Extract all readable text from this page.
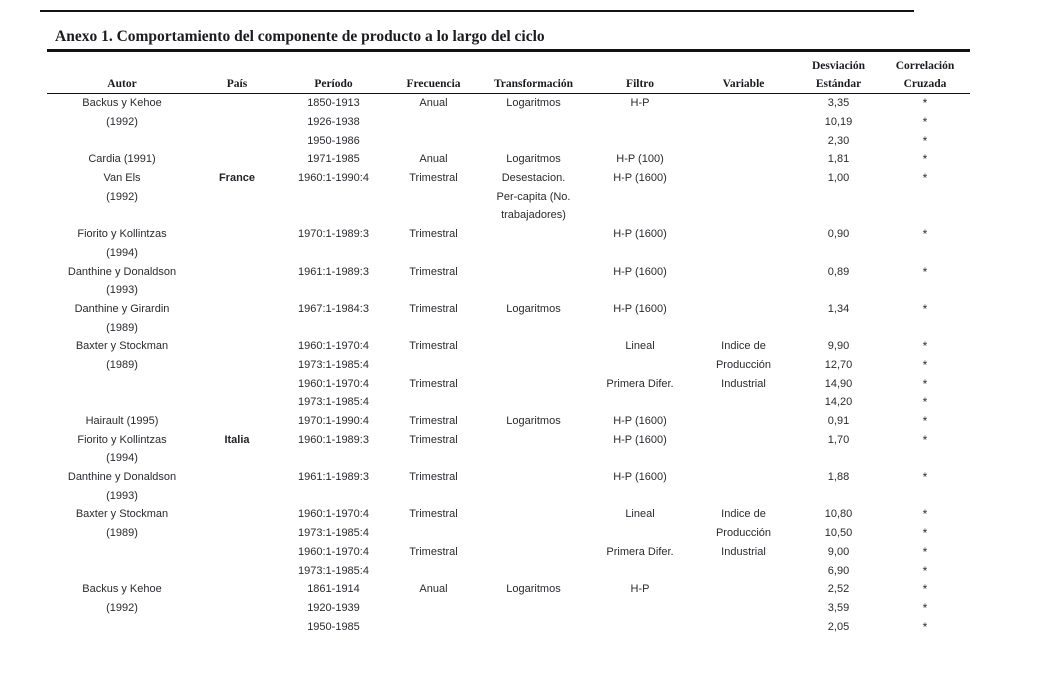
Anexo 1. Comportamiento del componente de producto a lo largo del ciclo
							Desviación	Correlación
Autor	País	Período	Frecuencia	Transformación	Filtro	Variable	Estándar	Cruzada
Backus y Kehoe		1850-1913	Anual	Logaritmos	H-P		3,35	*
(1992)		1926-1938					10,19	*
		1950-1986					2,30	*
Cardia (1991)		1971-1985	Anual	Logaritmos	H-P (100)		1,81	*
Van Els	France	1960:1-1990:4	Trimestral	Desestacion.	H-P (1600)		1,00	*
(1992)				Per-capita (No.				
				trabajadores)				
Fiorito y Kollintzas		1970:1-1989:3	Trimestral		H-P (1600)		0,90	*
(1994)								
Danthine y Donaldson		1961:1-1989:3	Trimestral		H-P (1600)		0,89	*
(1993)								
Danthine y Girardin		1967:1-1984:3	Trimestral	Logaritmos	H-P (1600)		1,34	*
(1989)								
Baxter y Stockman		1960:1-1970:4	Trimestral		Lineal	Indice de	9,90	*
(1989)		1973:1-1985:4				Producción	12,70	*
		1960:1-1970:4	Trimestral		Primera Difer.	Industrial	14,90	*
		1973:1-1985:4					14,20	*
Hairault (1995)		1970:1-1990:4	Trimestral	Logaritmos	H-P (1600)		0,91	*
Fiorito y Kollintzas	Italia	1960:1-1989:3	Trimestral		H-P (1600)		1,70	*
(1994)								
Danthine y Donaldson		1961:1-1989:3	Trimestral		H-P (1600)		1,88	*
(1993)								
Baxter y Stockman		1960:1-1970:4	Trimestral		Lineal	Indice de	10,80	*
(1989)		1973:1-1985:4				Producción	10,50	*
		1960:1-1970:4	Trimestral		Primera Difer.	Industrial	9,00	*
		1973:1-1985:4					6,90	*
Backus y Kehoe		1861-1914	Anual	Logaritmos	H-P		2,52	*
(1992)		1920-1939					3,59	*
		1950-1985					2,05	*
